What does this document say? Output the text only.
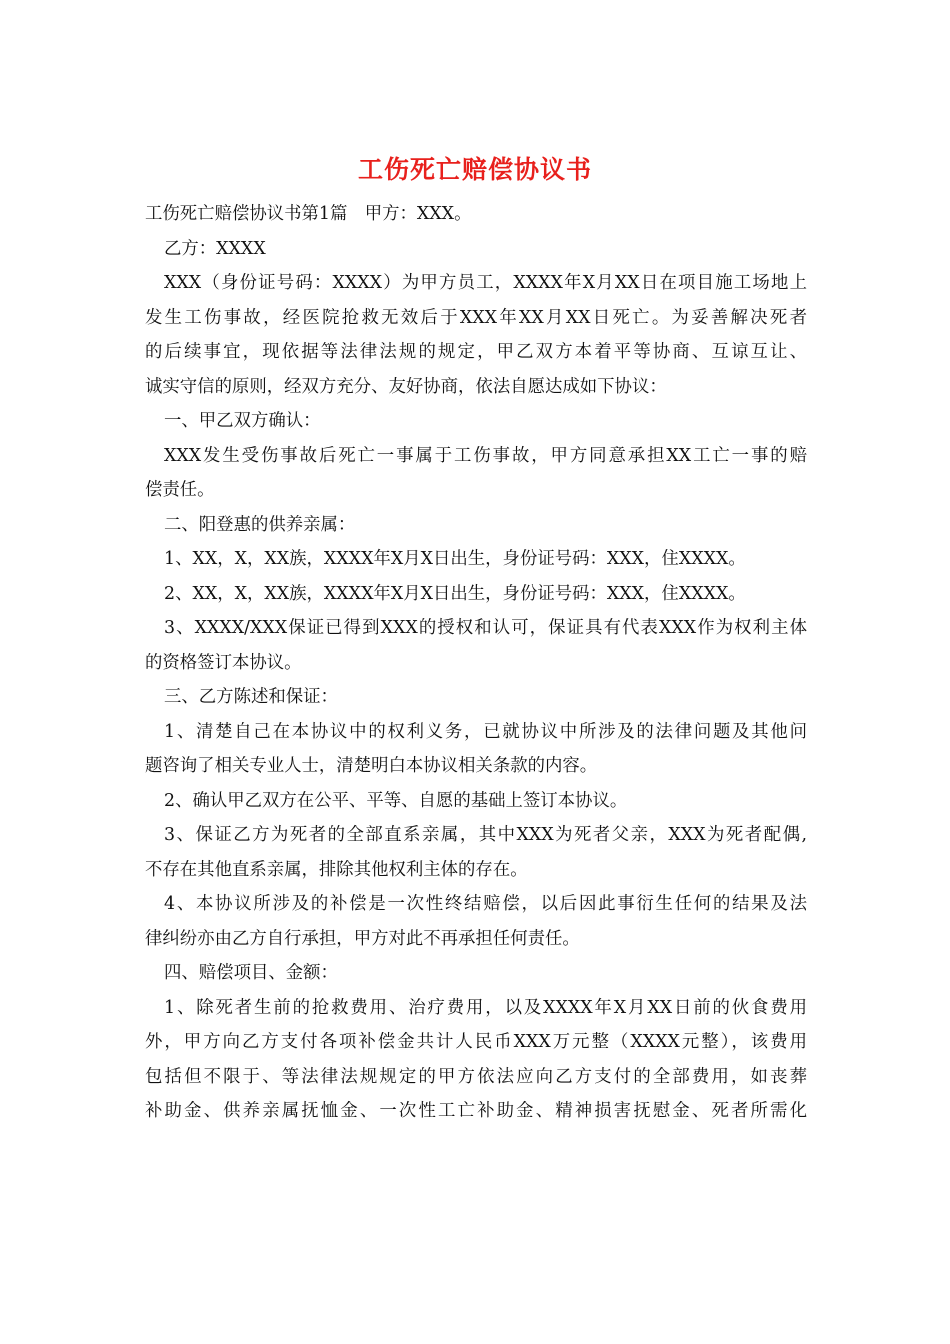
工伤死亡赔偿协议书
工伤死亡赔偿协议书第1篇　甲方：XXX。
乙方：XXXX
XXX（身份证号码：XXXX）为甲方员工，XXXX年X月XX日在项目施工场地上
发生工伤事故，经医院抢救无效后于XXX年XX月XX日死亡。为妥善解决死者
的后续事宜，现依据等法律法规的规定，甲乙双方本着平等协商、互谅互让、
诚实守信的原则，经双方充分、友好协商，依法自愿达成如下协议：
一、甲乙双方确认：
XXX发生受伤事故后死亡一事属于工伤事故，甲方同意承担XX工亡一事的赔
偿责任。
二、阳登惠的供养亲属：
1、XX，X，XX族，XXXX年X月X日出生，身份证号码：XXX，住XXXX。
2、XX，X，XX族，XXXX年X月X日出生，身份证号码：XXX，住XXXX。
3、XXXX/XXX保证已得到XXX的授权和认可，保证具有代表XXX作为权利主体
的资格签订本协议。
三、乙方陈述和保证：
1、清楚自己在本协议中的权利义务，已就协议中所涉及的法律问题及其他问
题咨询了相关专业人士，清楚明白本协议相关条款的内容。
2、确认甲乙双方在公平、平等、自愿的基础上签订本协议。
3、保证乙方为死者的全部直系亲属，其中XXX为死者父亲，XXX为死者配偶,
不存在其他直系亲属，排除其他权利主体的存在。
4、本协议所涉及的补偿是一次性终结赔偿，以后因此事衍生任何的结果及法
律纠纷亦由乙方自行承担，甲方对此不再承担任何责任。
四、赔偿项目、金额：
1、除死者生前的抢救费用、治疗费用，以及XXXX年X月XX日前的伙食费用
外，甲方向乙方支付各项补偿金共计人民币XXX万元整（XXXX元整），该费用
包括但不限于、等法律法规规定的甲方依法应向乙方支付的全部费用，如丧葬
补助金、供养亲属抚恤金、一次性工亡补助金、精神损害抚慰金、死者所需化
